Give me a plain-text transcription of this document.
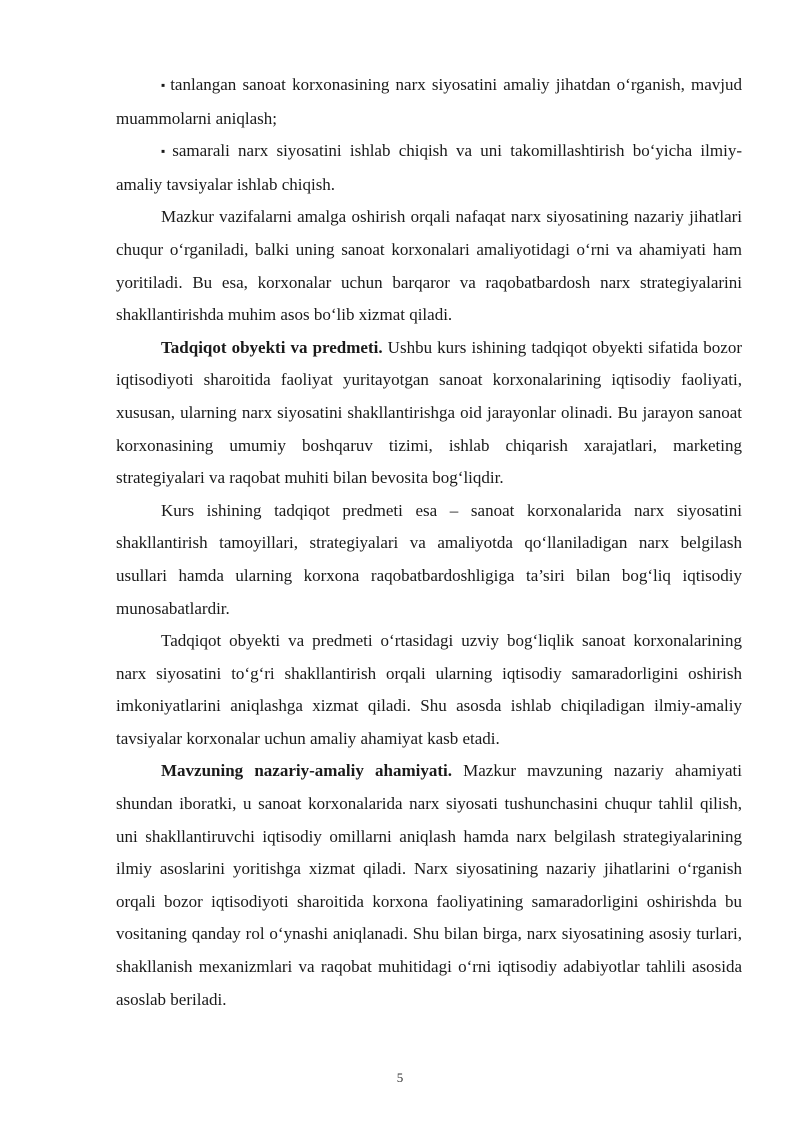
▪ tanlangan sanoat korxonasining narx siyosatini amaliy jihatdan o‘rganish, mavjud muammolarni aniqlash;

▪ samarali narx siyosatini ishlab chiqish va uni takomillashtirish bo‘yicha ilmiy-amaliy tavsiyalar ishlab chiqish.

Mazkur vazifalarni amalga oshirish orqali nafaqat narx siyosatining nazariy jihatlari chuqur o‘rganiladi, balki uning sanoat korxonalari amaliyotidagi o‘rni va ahamiyati ham yoritiladi. Bu esa, korxonalar uchun barqaror va raqobatbardosh narx strategiyalarini shakllantirishda muhim asos bo‘lib xizmat qiladi.

Tadqiqot obyekti va predmeti. Ushbu kurs ishining tadqiqot obyekti sifatida bozor iqtisodiyoti sharoitida faoliyat yuritayotgan sanoat korxonalarining iqtisodiy faoliyati, xususan, ularning narx siyosatini shakllantirishga oid jarayonlar olinadi. Bu jarayon sanoat korxonasining umumiy boshqaruv tizimi, ishlab chiqarish xarajatlari, marketing strategiyalari va raqobat muhiti bilan bevosita bog‘liqdir.

Kurs ishining tadqiqot predmeti esa – sanoat korxonalarida narx siyosatini shakllantirish tamoyillari, strategiyalari va amaliyotda qo‘llaniladigan narx belgilash usullari hamda ularning korxona raqobatbardoshligiga ta’siri bilan bog‘liq iqtisodiy munosabatlardir.

Tadqiqot obyekti va predmeti o‘rtasidagi uzviy bog‘liqlik sanoat korxonalarining narx siyosatini to‘g‘ri shakllantirish orqali ularning iqtisodiy samaradorligini oshirish imkoniyatlarini aniqlashga xizmat qiladi. Shu asosda ishlab chiqiladigan ilmiy-amaliy tavsiyalar korxonalar uchun amaliy ahamiyat kasb etadi.

Mavzuning nazariy-amaliy ahamiyati. Mazkur mavzuning nazariy ahamiyati shundan iboratki, u sanoat korxonalarida narx siyosati tushunchasini chuqur tahlil qilish, uni shakllantiruvchi iqtisodiy omillarni aniqlash hamda narx belgilash strategiyalarining ilmiy asoslarini yoritishga xizmat qiladi. Narx siyosatining nazariy jihatlarini o‘rganish orqali bozor iqtisodiyoti sharoitida korxona faoliyatining samaradorligini oshirishda bu vositaning qanday rol o‘ynashi aniqlanadi. Shu bilan birga, narx siyosatining asosiy turlari, shakllanish mexanizmlari va raqobat muhitidagi o‘rni iqtisodiy adabiyotlar tahlili asosida asoslab beriladi.

5
